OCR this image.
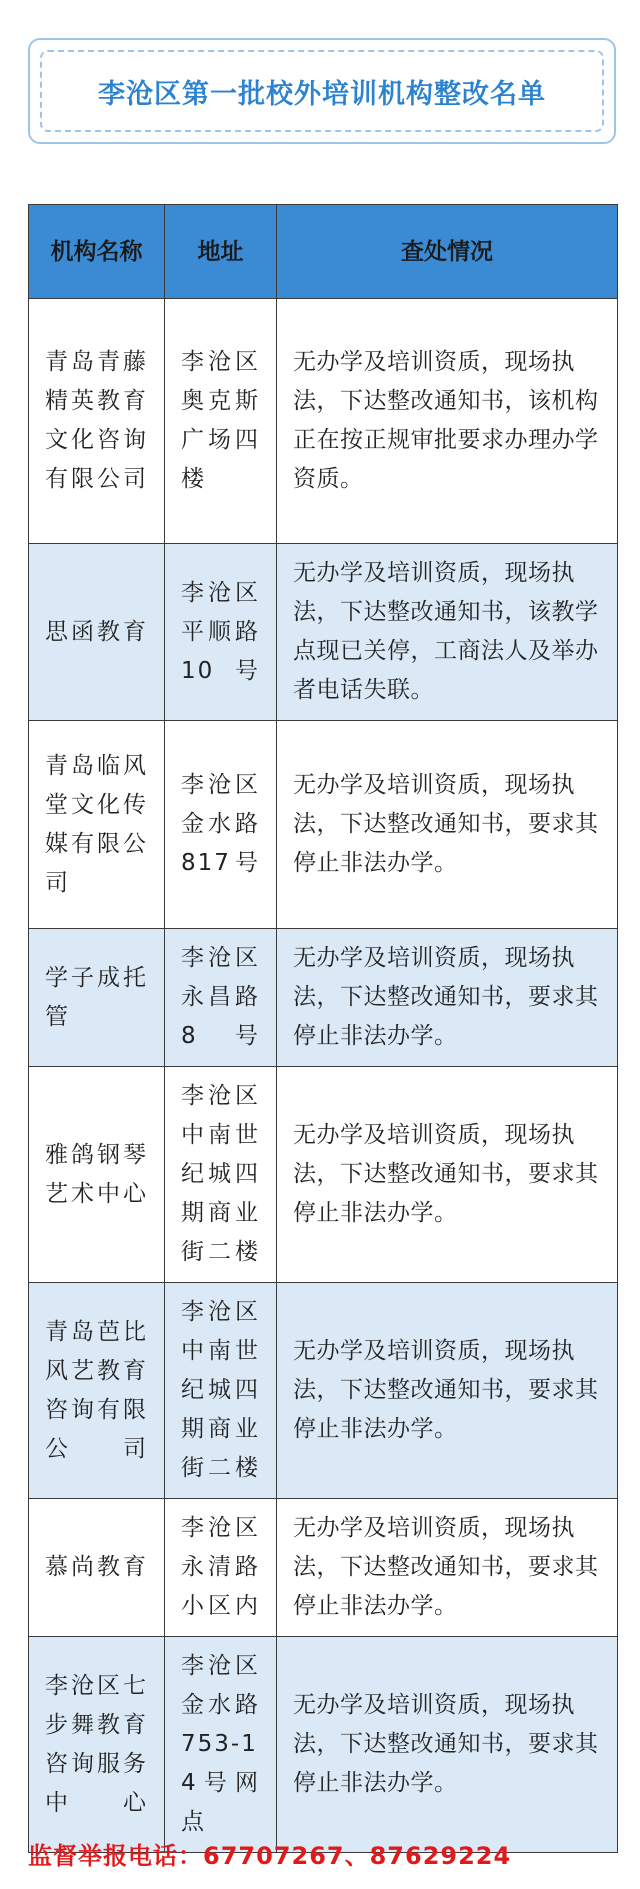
李沧区第一批校外培训机构整改名单
机构名称	地址	查处情况
青岛青藤精英教育文化咨询有限公司	李沧区奥克斯广场四楼	无办学及培训资质，现场执法，下达整改通知书，该机构正在按正规审批要求办理办学资质。
思函教育	李沧区平顺路10号	无办学及培训资质，现场执法，下达整改通知书，该教学点现已关停，工商法人及举办者电话失联。
青岛临风堂文化传媒有限公司	李沧区金水路817号	无办学及培训资质，现场执法，下达整改通知书，要求其停止非法办学。
学子成托管	李沧区永昌路8号	无办学及培训资质，现场执法，下达整改通知书，要求其停止非法办学。
雅鸽钢琴艺术中心	李沧区中南世纪城四期商业街二楼	无办学及培训资质，现场执法，下达整改通知书，要求其停止非法办学。
青岛芭比风艺教育咨询有限公司	李沧区中南世纪城四期商业街二楼	无办学及培训资质，现场执法，下达整改通知书，要求其停止非法办学。
慕尚教育	李沧区永清路小区内	无办学及培训资质，现场执法，下达整改通知书，要求其停止非法办学。
李沧区七步舞教育咨询服务中心	李沧区金水路753-14号网点	无办学及培训资质，现场执法，下达整改通知书，要求其停止非法办学。
监督举报电话：67707267、87629224
